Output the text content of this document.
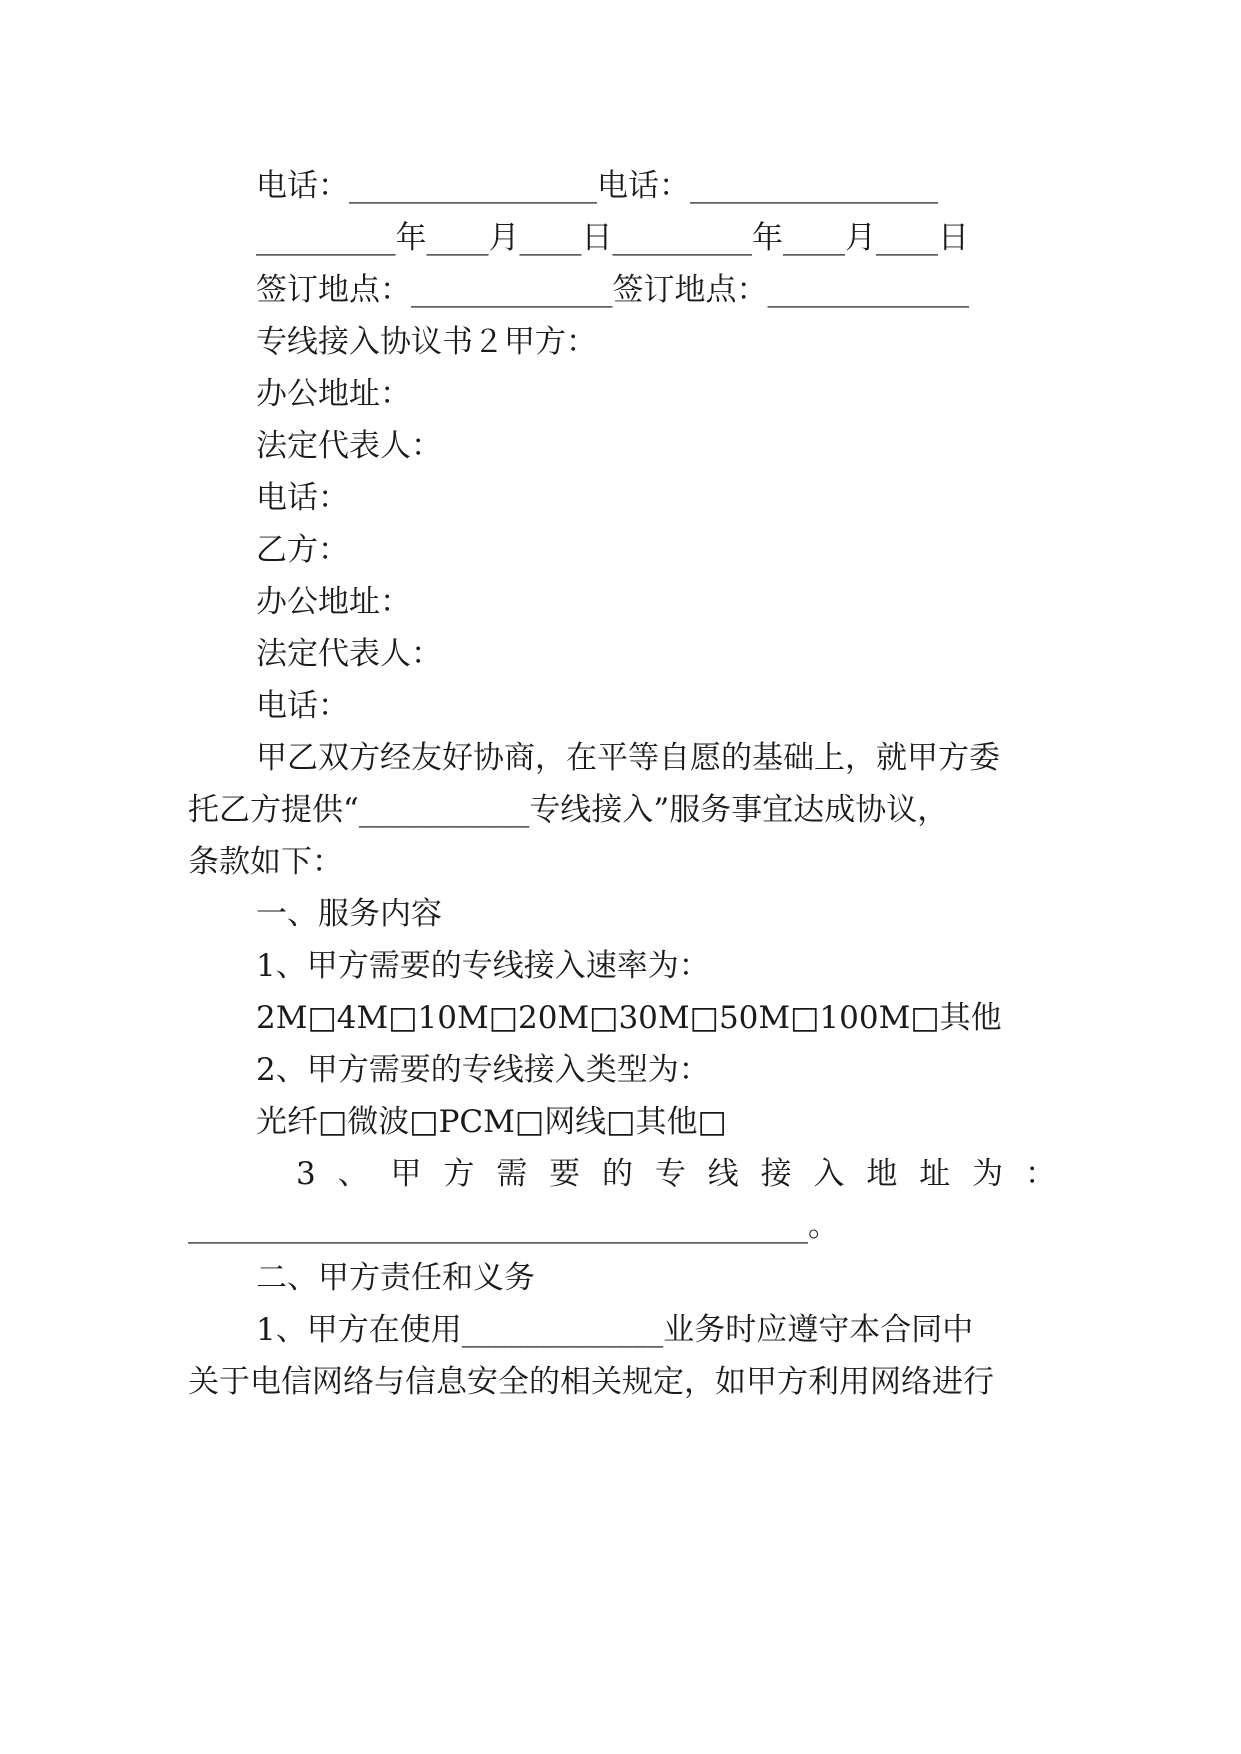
电话：________________电话：________________
_________年____月____日_________年____月____日
签订地点：_____________签订地点：_____________
专线接入协议书２甲方：
办公地址：
法定代表人：
电话：
乙方：
办公地址：
法定代表人：
电话：
甲乙双方经友好协商，在平等自愿的基础上，就甲方委
托乙方提供“___________专线接入”服务事宜达成协议，
条款如下：
一、服务内容
1、甲方需要的专线接入速率为：
2M□4M□10M□20M□30M□50M□100M□其他
2、甲方需要的专线接入类型为：
光纤□微波□PCM□网线□其他□
3 、 甲 方 需 要 的 专 线 接 入 地 址 为 ：
________________________________________。
二、甲方责任和义务
1、甲方在使用_____________业务时应遵守本合同中
关于电信网络与信息安全的相关规定，如甲方利用网络进行
